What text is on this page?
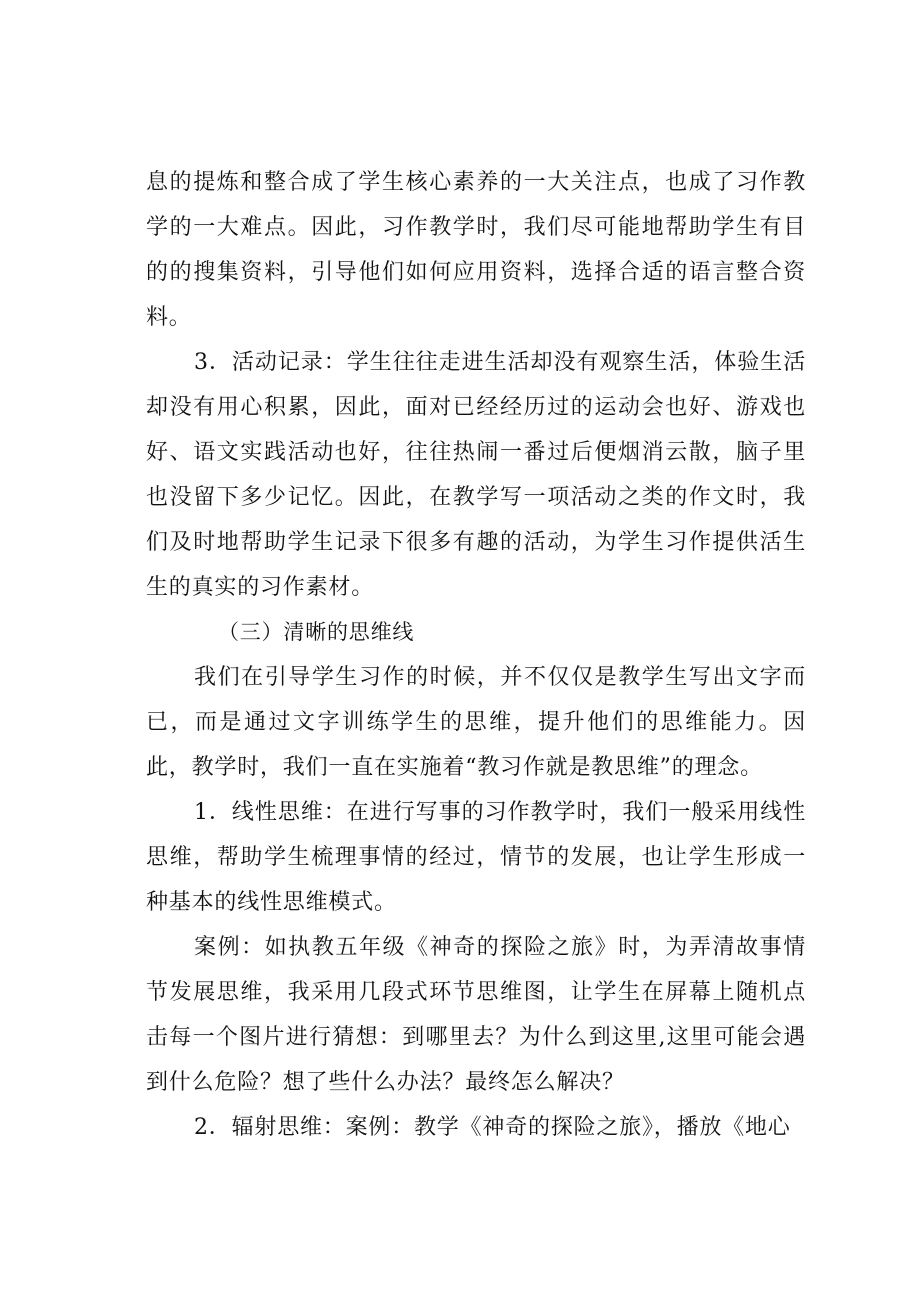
息的提炼和整合成了学生核心素养的一大关注点，也成了习作教学的一大难点。因此，习作教学时，我们尽可能地帮助学生有目的的搜集资料，引导他们如何应用资料，选择合适的语言整合资料。

3．活动记录：学生往往走进生活却没有观察生活，体验生活却没有用心积累，因此，面对已经经历过的运动会也好、游戏也好、语文实践活动也好，往往热闹一番过后便烟消云散，脑子里也没留下多少记忆。因此，在教学写一项活动之类的作文时，我们及时地帮助学生记录下很多有趣的活动，为学生习作提供活生生的真实的习作素材。

（三）清晰的思维线

我们在引导学生习作的时候，并不仅仅是教学生写出文字而已，而是通过文字训练学生的思维，提升他们的思维能力。因此，教学时，我们一直在实施着“教习作就是教思维”的理念。

1．线性思维：在进行写事的习作教学时，我们一般采用线性思维，帮助学生梳理事情的经过，情节的发展，也让学生形成一种基本的线性思维模式。

案例：如执教五年级《神奇的探险之旅》时，为弄清故事情节发展思维，我采用几段式环节思维图，让学生在屏幕上随机点击每一个图片进行猜想：到哪里去？为什么到这里,这里可能会遇到什么危险？想了些什么办法？最终怎么解决？

2．辐射思维：案例：教学《神奇的探险之旅》，播放《地心
